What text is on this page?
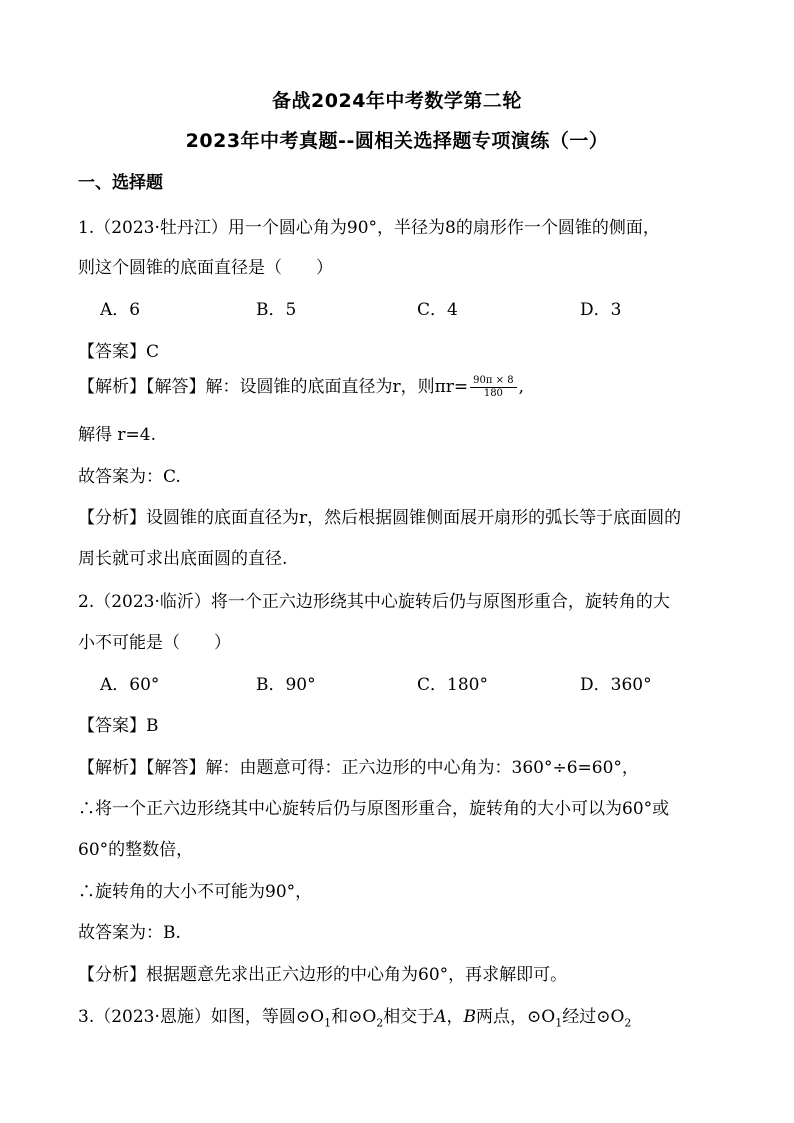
备战2024年中考数学第二轮
2023年中考真题--圆相关选择题专项演练（一）
一、选择题
1.（2023·牡丹江）用一个圆心角为90°，半径为8的扇形作一个圆锥的侧面，
则这个圆锥的底面直径是（　　）
A．6	B．5	C．4	D．3
【答案】C
【解析】【解答】解：设圆锥的底面直径为r，则$\pi r= \frac{90\pi \times 8}{180}$ ,
解得 r=4.
故答案为：C.
【分析】设圆锥的底面直径为r，然后根据圆锥侧面展开扇形的弧长等于底面圆的
周长就可求出底面圆的直径.
2.（2023·临沂）将一个正六边形绕其中心旋转后仍与原图形重合，旋转角的大
小不可能是（　　）
A．60°	B．90°	C．180°	D．360°
【答案】B
【解析】【解答】解：由题意可得：正六边形的中心角为：360°÷6=60°，
∴将一个正六边形绕其中心旋转后仍与原图形重合，旋转角的大小可以为60°或
60°的整数倍，
∴旋转角的大小不可能为90°，
故答案为：B.
【分析】根据题意先求出正六边形的中心角为60°，再求解即可。
3.（2023·恩施）如图，等圆$⊙O_1$和$⊙O_2$相交于A，B两点，$⊙O_1$经过$⊙O_2$
